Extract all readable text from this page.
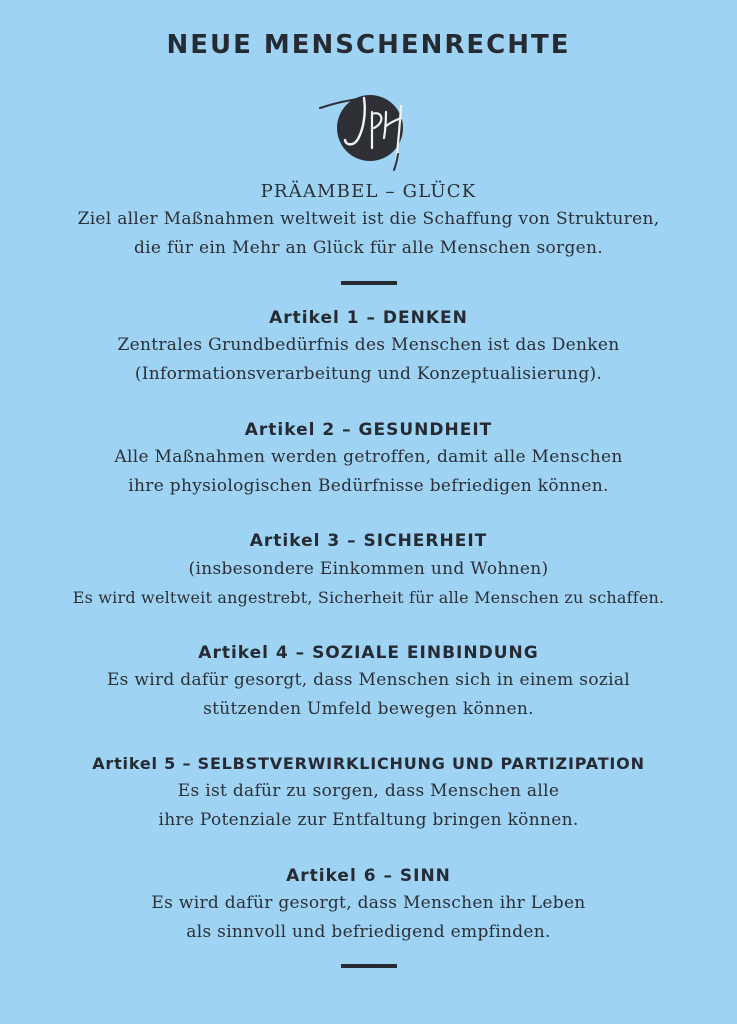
NEUE MENSCHENRECHTE
PRÄAMBEL – GLÜCK
Ziel aller Maßnahmen weltweit ist die Schaffung von Strukturen,
die für ein Mehr an Glück für alle Menschen sorgen.
Artikel 1 – DENKEN
Zentrales Grundbedürfnis des Menschen ist das Denken
(Informationsverarbeitung und Konzeptualisierung).
Artikel 2 – GESUNDHEIT
Alle Maßnahmen werden getroffen, damit alle Menschen
ihre physiologischen Bedürfnisse befriedigen können.
Artikel 3 – SICHERHEIT
(insbesondere Einkommen und Wohnen)
Es wird weltweit angestrebt, Sicherheit für alle Menschen zu schaffen.
Artikel 4 – SOZIALE EINBINDUNG
Es wird dafür gesorgt, dass Menschen sich in einem sozial
stützenden Umfeld bewegen können.
Artikel 5 – SELBSTVERWIRKLICHUNG UND PARTIZIPATION
Es ist dafür zu sorgen, dass Menschen alle
ihre Potenziale zur Entfaltung bringen können.
Artikel 6 – SINN
Es wird dafür gesorgt, dass Menschen ihr Leben
als sinnvoll und befriedigend empfinden.
